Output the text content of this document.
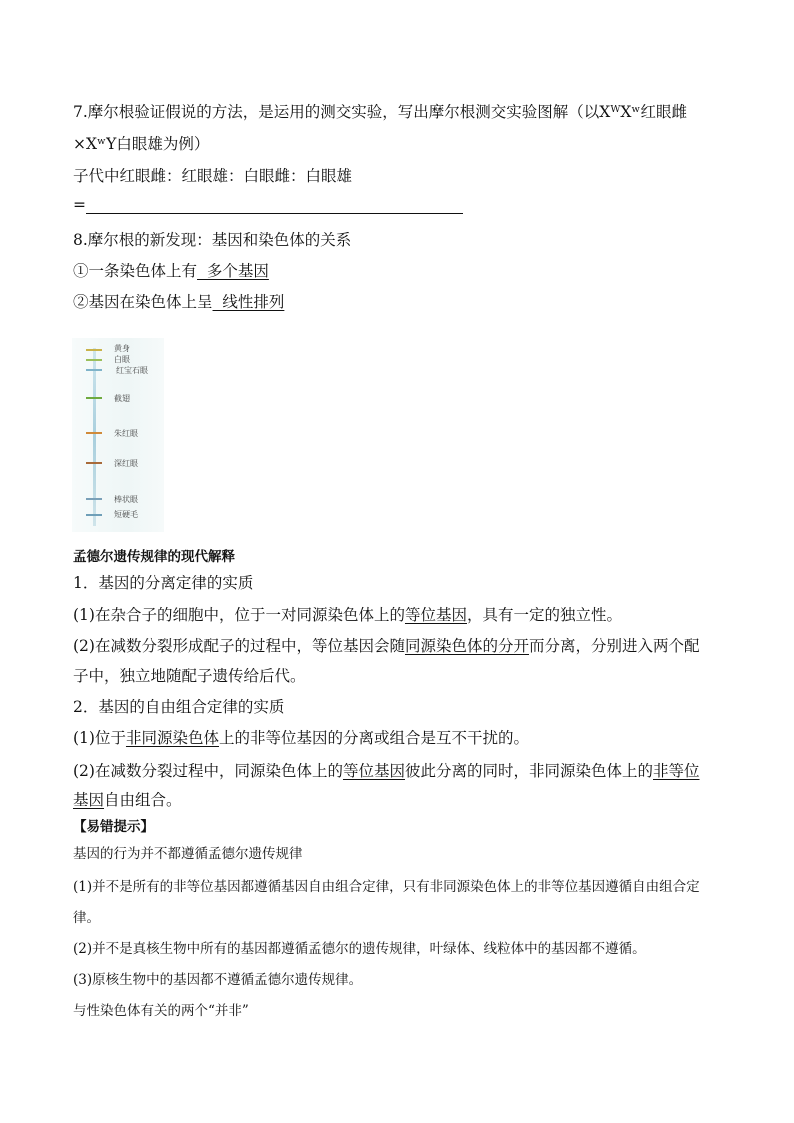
7.摩尔根验证假说的方法，是运用的测交实验，写出摩尔根测交实验图解（以XᵂXʷ红眼雌
×XʷY白眼雄为例）
子代中红眼雌：红眼雄：白眼雌：白眼雄
=
8.摩尔根的新发现：基因和染色体的关系
①一条染色体上有  多个基因
②基因在染色体上呈  线性排列
黄身
白眼
红宝石眼
截翅
朱红眼
深红眼
棒状眼
短硬毛
孟德尔遗传规律的现代解释
1．基因的分离定律的实质
(1)在杂合子的细胞中，位于一对同源染色体上的等位基因，具有一定的独立性。
(2)在减数分裂形成配子的过程中，等位基因会随同源染色体的分开而分离，分别进入两个配
子中，独立地随配子遗传给后代。
2．基因的自由组合定律的实质
(1)位于非同源染色体上的非等位基因的分离或组合是互不干扰的。
(2)在减数分裂过程中，同源染色体上的等位基因彼此分离的同时，非同源染色体上的非等位
基因自由组合。
【易错提示】
基因的行为并不都遵循孟德尔遗传规律
(1)并不是所有的非等位基因都遵循基因自由组合定律，只有非同源染色体上的非等位基因遵循自由组合定
律。
(2)并不是真核生物中所有的基因都遵循孟德尔的遗传规律，叶绿体、线粒体中的基因都不遵循。
(3)原核生物中的基因都不遵循孟德尔遗传规律。
与性染色体有关的两个“并非”
